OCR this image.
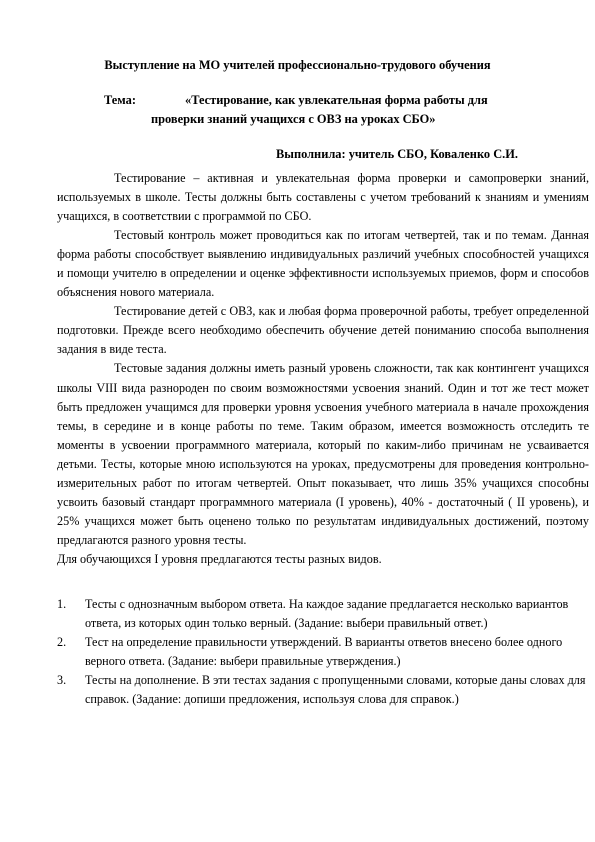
Выступление на МО учителей профессионально-трудового обучения
Тема:	«Тестирование, как увлекательная форма работы для
проверки знаний учащихся с ОВЗ на уроках СБО»
Выполнила: учитель СБО, Коваленко С.И.

Тестирование – активная и увлекательная форма проверки и самопроверки знаний, используемых в школе. Тесты должны быть составлены с учетом требований к знаниям и умениям учащихся, в соответствии с программой по СБО.

Тестовый контроль может проводиться как по итогам четвертей, так и по темам. Данная форма работы способствует выявлению индивидуальных различий учебных способностей учащихся и помощи учителю в определении и оценке эффективности используемых приемов, форм и способов объяснения нового материала.

Тестирование детей с ОВЗ, как и любая форма проверочной работы, требует определенной подготовки. Прежде всего необходимо обеспечить обучение детей пониманию способа выполнения задания в виде теста.

Тестовые задания должны иметь разный уровень сложности, так как контингент учащихся школы VIII вида разнороден по своим возможностями усвоения знаний. Один и тот же тест может быть предложен учащимся для проверки уровня усвоения учебного материала в начале прохождения темы, в середине и в конце работы по теме. Таким образом, имеется возможность отследить те моменты в усвоении программного материала, который по каким-либо причинам не усваивается детьми. Тесты, которые мною используются на уроках, предусмотрены для проведения контрольно-измерительных работ по итогам четвертей. Опыт показывает, что лишь 35% учащихся способны усвоить базовый стандарт программного материала (I уровень), 40% - достаточный ( II уровень), и 25% учащихся может быть оценено только по результатам индивидуальных достижений, поэтому предлагаются разного уровня тесты.

Для обучающихся I уровня предлагаются тесты разных видов.

1. Тесты с однозначным выбором ответа. На каждое задание предлагается несколько вариантов ответа, из которых один только верный. (Задание: выбери правильный ответ.)
2. Тест на определение правильности утверждений. В варианты ответов внесено более одного верного ответа. (Задание: выбери правильные утверждения.)
3. Тесты на дополнение. В эти тестах задания с пропущенными словами, которые даны словах для справок. (Задание: допиши предложения, используя слова для справок.)
